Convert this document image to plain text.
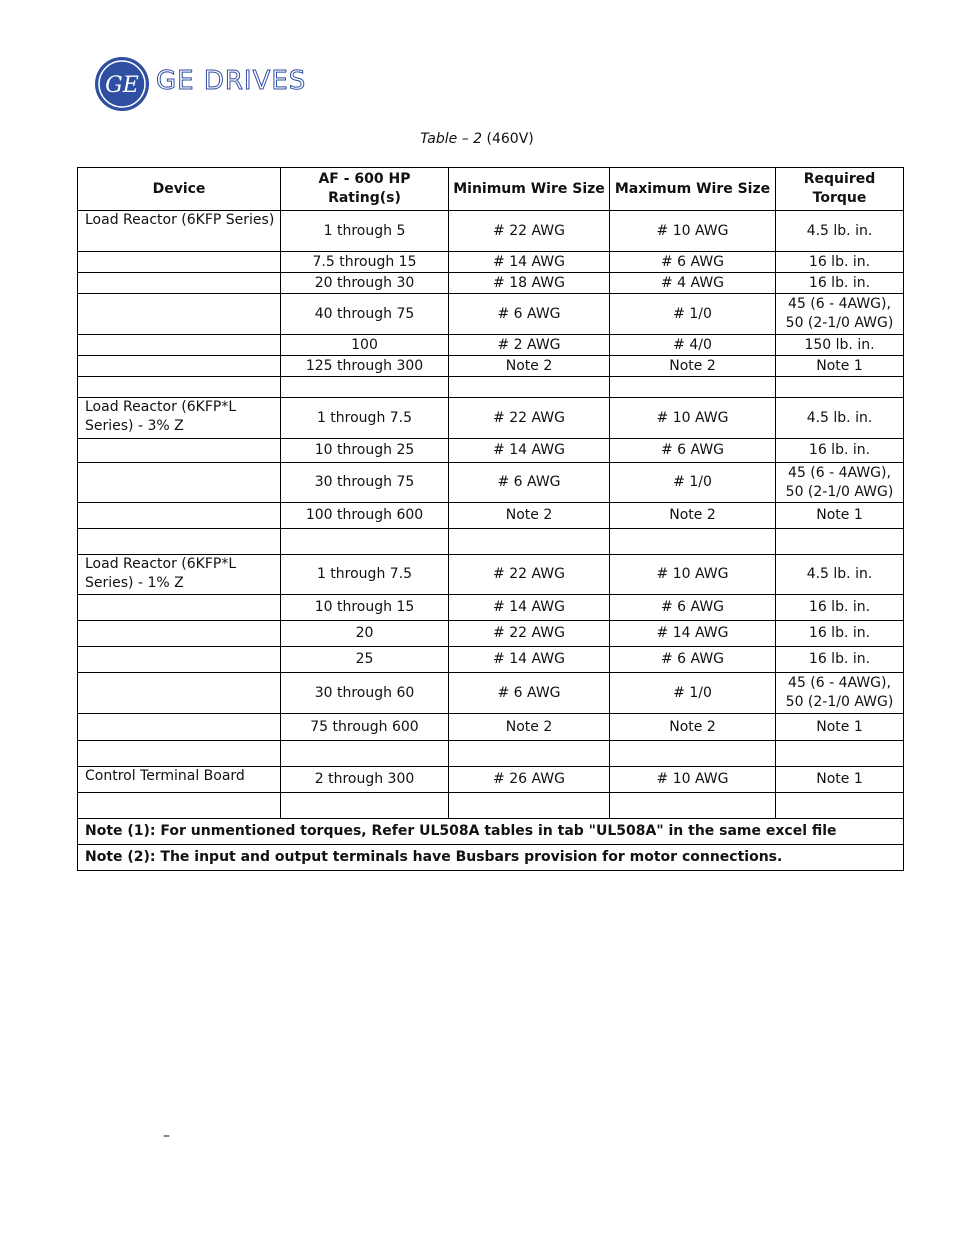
GE GE DRIVES
Table – 2 (460V)
Device	AF - 600 HP Rating(s)	Minimum Wire Size	Maximum Wire Size	Required Torque
Load Reactor (6KFP Series)	1 through 5	# 22 AWG	# 10 AWG	4.5 lb. in.
	7.5 through 15	# 14 AWG	# 6 AWG	16 lb. in.
	20 through 30	# 18 AWG	# 4 AWG	16 lb. in.
	40 through 75	# 6 AWG	# 1/0	45 (6 - 4AWG), 50 (2-1/0 AWG)
	100	# 2 AWG	# 4/0	150 lb. in.
	125 through 300	Note 2	Note 2	Note 1

Load Reactor (6KFP*L Series) - 3% Z	1 through 7.5	# 22 AWG	# 10 AWG	4.5 lb. in.
	10 through 25	# 14 AWG	# 6 AWG	16 lb. in.
	30 through 75	# 6 AWG	# 1/0	45 (6 - 4AWG), 50 (2-1/0 AWG)
	100 through 600	Note 2	Note 2	Note 1

Load Reactor (6KFP*L Series) - 1% Z	1 through 7.5	# 22 AWG	# 10 AWG	4.5 lb. in.
	10 through 15	# 14 AWG	# 6 AWG	16 lb. in.
	20	# 22 AWG	# 14 AWG	16 lb. in.
	25	# 14 AWG	# 6 AWG	16 lb. in.
	30 through 60	# 6 AWG	# 1/0	45 (6 - 4AWG), 50 (2-1/0 AWG)
	75 through 600	Note 2	Note 2	Note 1

Control Terminal Board	2 through 300	# 26 AWG	# 10 AWG	Note 1

Note (1): For unmentioned torques, Refer UL508A tables in tab "UL508A" in the same excel file				
Note (2): The input and output terminals have Busbars provision for motor connections.				
–
